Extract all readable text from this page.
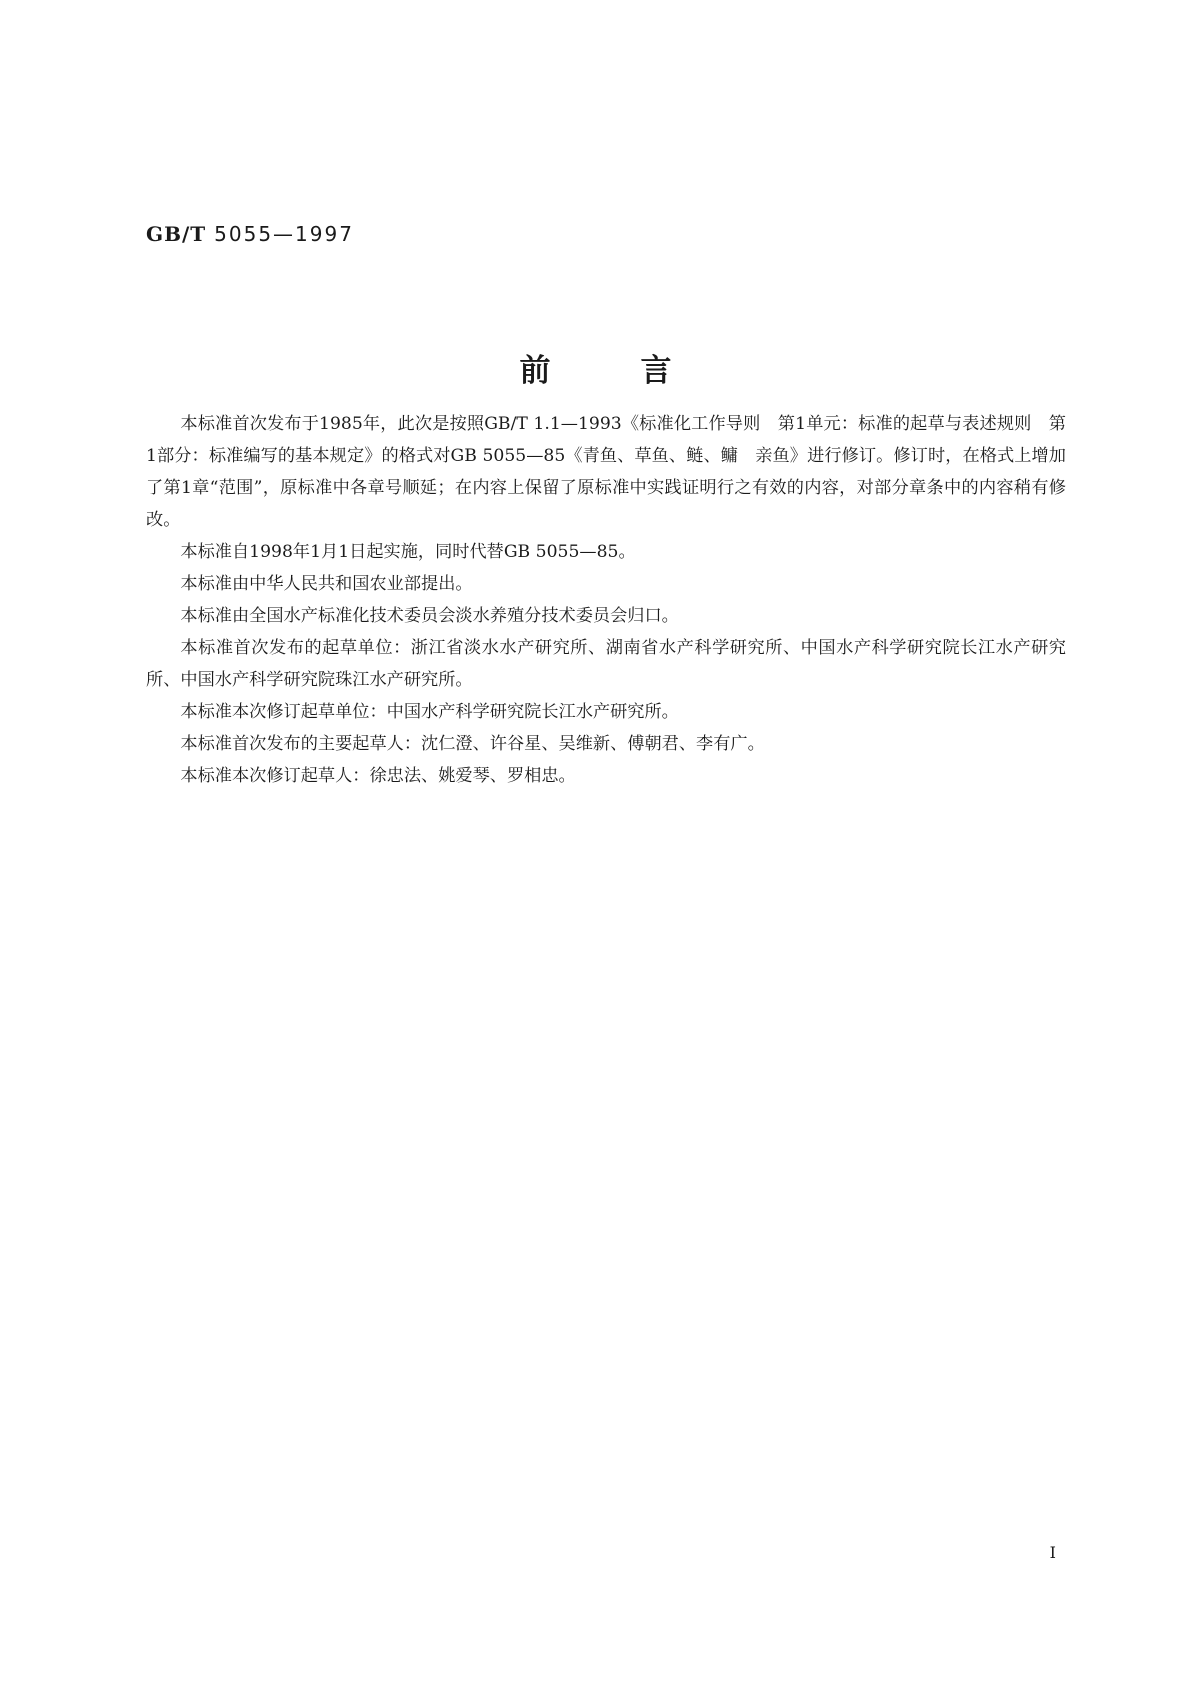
GB/T 5055—1997
前言

本标准首次发布于1985年，此次是按照GB/T 1.1—1993《标准化工作导则　第1单元：标准的起草与表述规则　第1部分：标准编写的基本规定》的格式对GB 5055—85《青鱼、草鱼、鲢、鳙　亲鱼》进行修订。修订时，在格式上增加了第1章“范围”，原标准中各章号顺延；在内容上保留了原标准中实践证明行之有效的内容，对部分章条中的内容稍有修改。

本标准自1998年1月1日起实施，同时代替GB 5055—85。

本标准由中华人民共和国农业部提出。

本标准由全国水产标准化技术委员会淡水养殖分技术委员会归口。

本标准首次发布的起草单位：浙江省淡水水产研究所、湖南省水产科学研究所、中国水产科学研究院长江水产研究所、中国水产科学研究院珠江水产研究所。

本标准本次修订起草单位：中国水产科学研究院长江水产研究所。

本标准首次发布的主要起草人：沈仁澄、许谷星、吴维新、傅朝君、李有广。

本标准本次修订起草人：徐忠法、姚爱琴、罗相忠。

I
